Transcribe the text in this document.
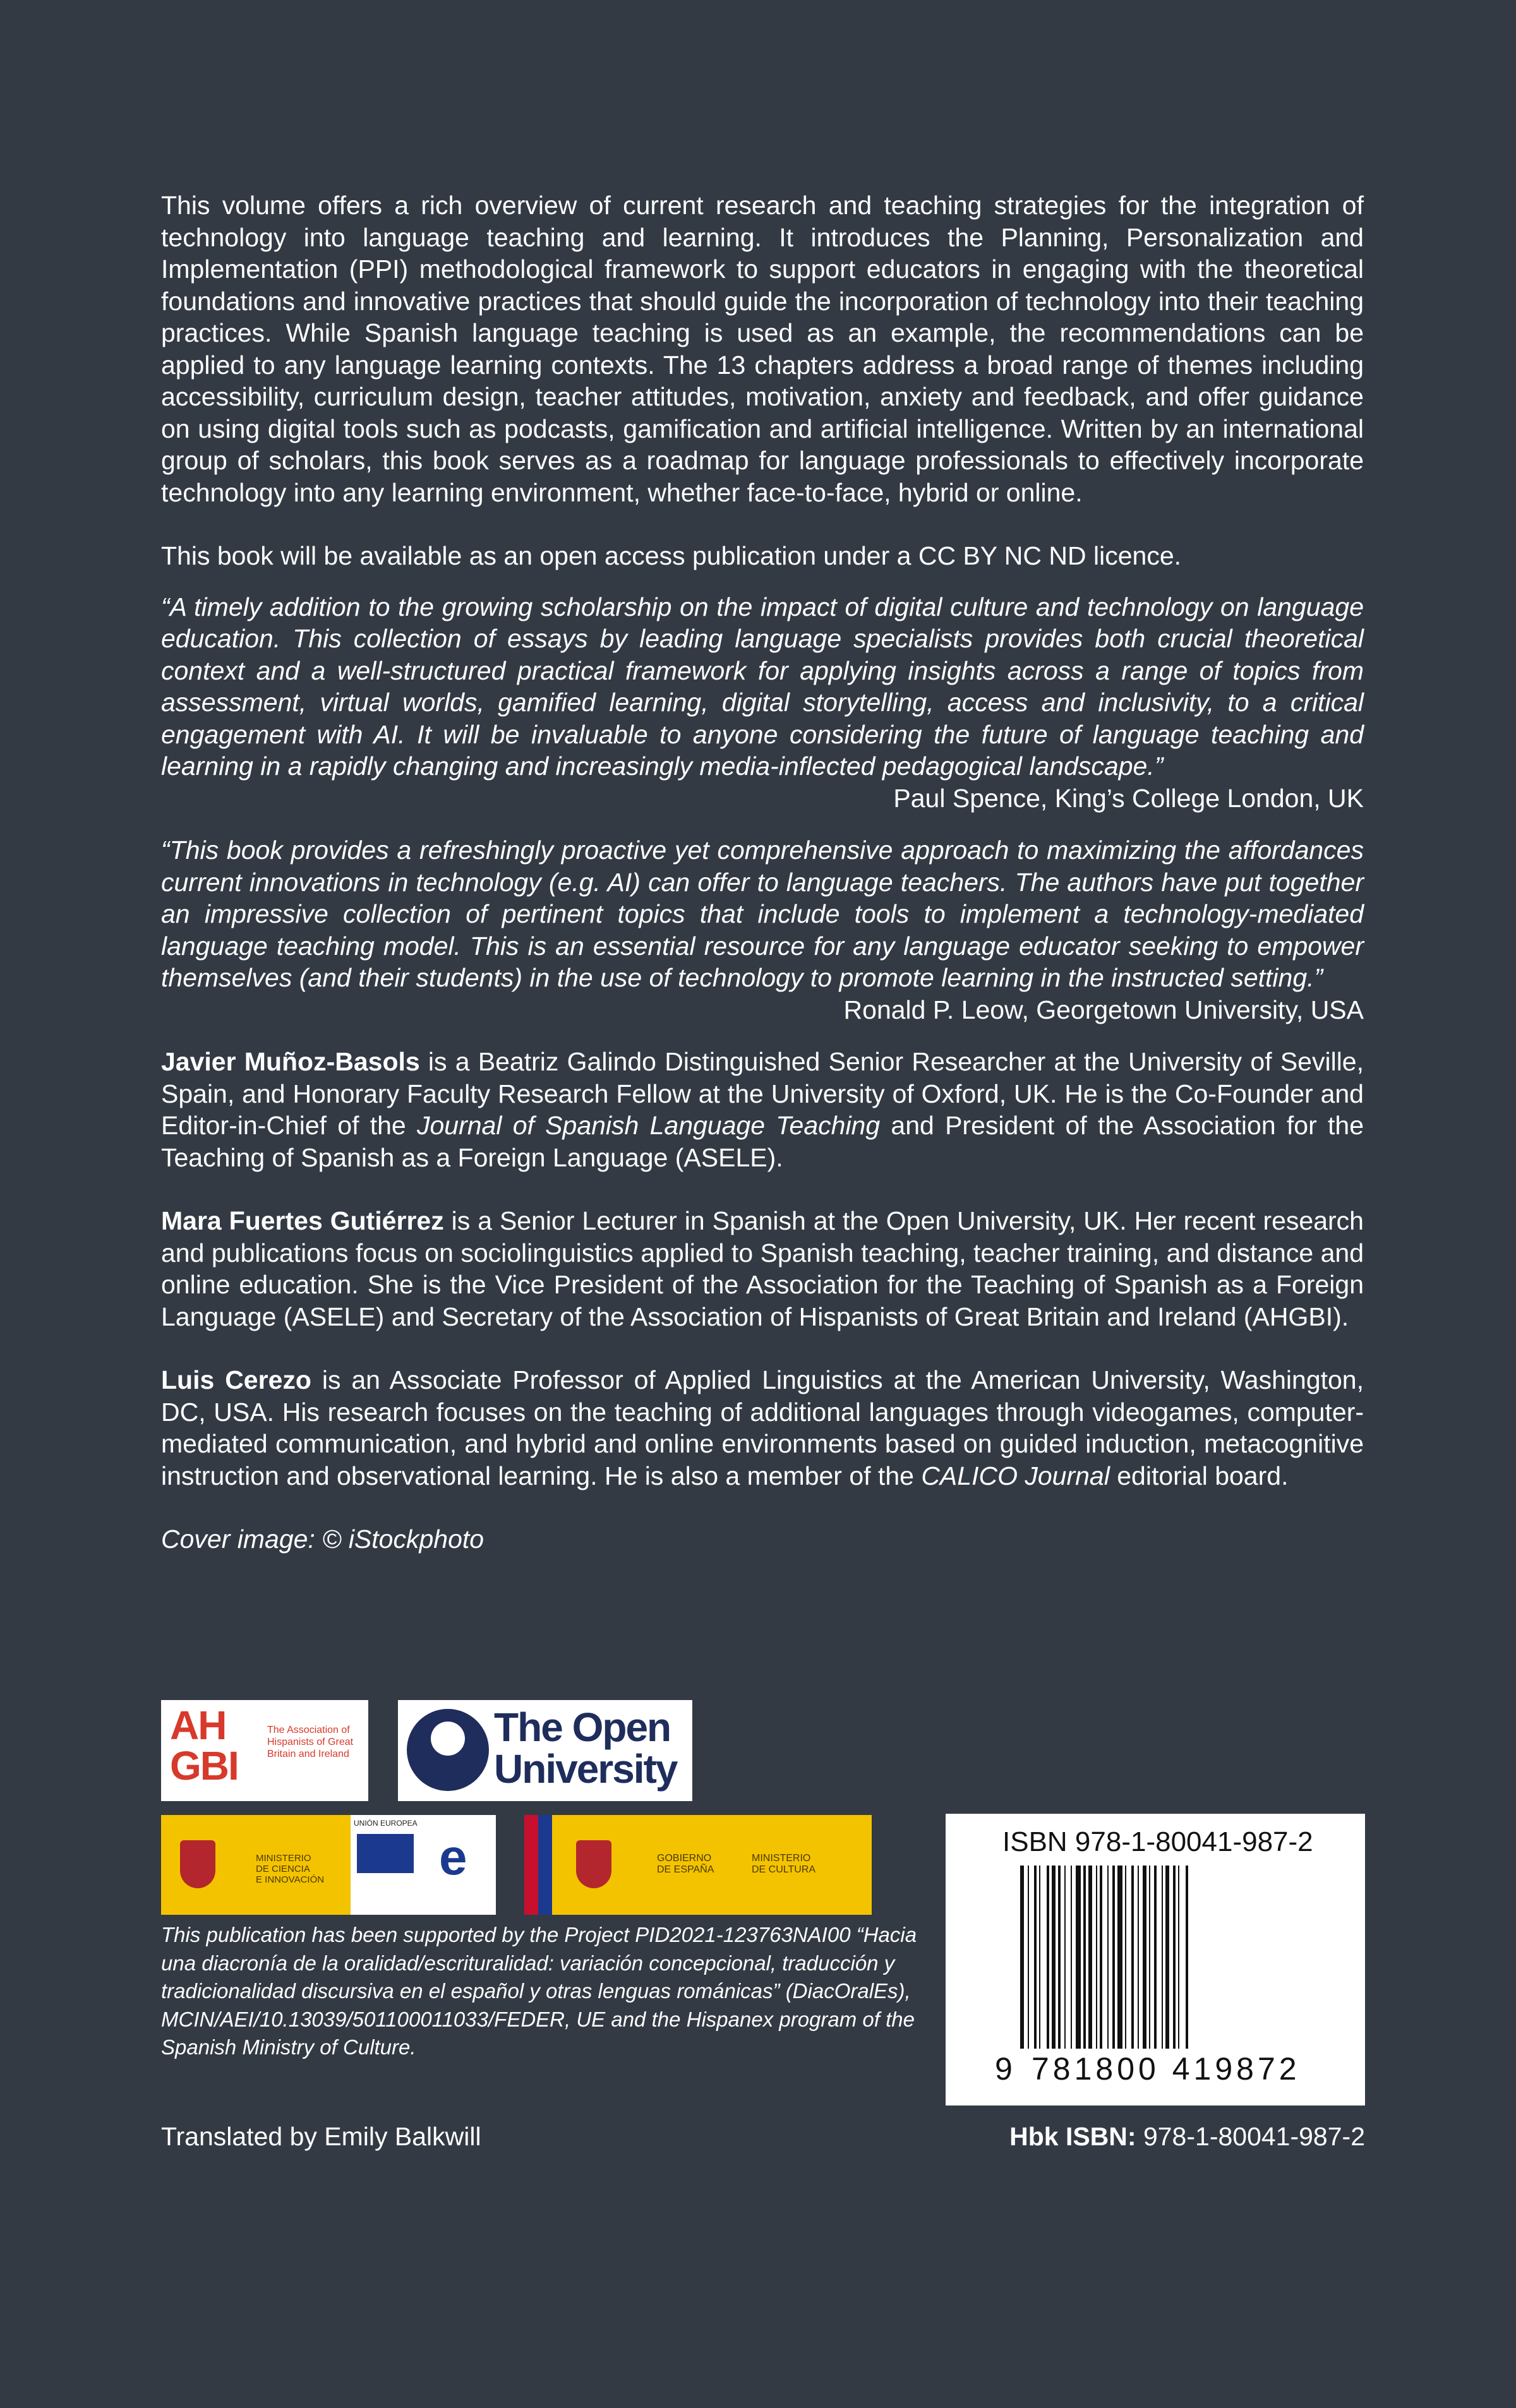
This volume offers a rich overview of current research and teaching strategies for the integration of technology into language teaching and learning. It introduces the Planning, Personalization and Implementation (PPI) methodological framework to support educators in engaging with the theoretical foundations and innovative practices that should guide the incorporation of technology into their teaching practices. While Spanish language teaching is used as an example, the recommendations can be applied to any language learning contexts. The 13 chapters address a broad range of themes including accessibility, curriculum design, teacher attitudes, motivation, anxiety and feedback, and offer guidance on using digital tools such as podcasts, gamification and artificial intelligence. Written by an international group of scholars, this book serves as a roadmap for language professionals to effectively incorporate technology into any learning environment, whether face-to-face, hybrid or online.

This book will be available as an open access publication under a CC BY NC ND licence.

“A timely addition to the growing scholarship on the impact of digital culture and technology on language education. This collection of essays by leading language specialists provides both crucial theoretical context and a well-structured practical framework for applying insights across a range of topics from assessment, virtual worlds, gamified learning, digital storytelling, access and inclusivity, to a critical engagement with AI. It will be invaluable to anyone considering the future of language teaching and learning in a rapidly changing and increasingly media-inflected pedagogical landscape.”

Paul Spence, King’s College London, UK

“This book provides a refreshingly proactive yet comprehensive approach to maximizing the affordances current innovations in technology (e.g. AI) can offer to language teachers. The authors have put together an impressive collection of pertinent topics that include tools to implement a technology-mediated language teaching model. This is an essential resource for any language educator seeking to empower themselves (and their students) in the use of technology to promote learning in the instructed setting.”

Ronald P. Leow, Georgetown University, USA

Javier Muñoz-Basols is a Beatriz Galindo Distinguished Senior Researcher at the University of Seville, Spain, and Honorary Faculty Research Fellow at the University of Oxford, UK. He is the Co-Founder and Editor-in-Chief of the Journal of Spanish Language Teaching and President of the Association for the Teaching of Spanish as a Foreign Language (ASELE).

Mara Fuertes Gutiérrez is a Senior Lecturer in Spanish at the Open University, UK. Her recent research and publications focus on sociolinguistics applied to Spanish teaching, teacher training, and distance and online education. She is the Vice President of the Association for the Teaching of Spanish as a Foreign Language (ASELE) and Secretary of the Association of Hispanists of Great Britain and Ireland (AHGBI).

Luis Cerezo is an Associate Professor of Applied Linguistics at the American University, Washington, DC, USA. His research focuses on the teaching of additional languages through videogames, computer-mediated communication, and hybrid and online environments based on guided induction, metacognitive instruction and observational learning. He is also a member of the CALICO Journal editorial board.

Cover image: © iStockphoto

AH
GBI
The Association of Hispanists of Great Britain and Ireland
The Open
University
MINISTERIO
DE CIENCIA
E INNOVACIÓN
UNIÓN EUROPEA
e	GOBIERNO
DE ESPAÑA
MINISTERIO
DE CULTURA

This publication has been supported by the Project PID2021-123763NAI00 “Hacia una diacronía de la oralidad/escrituralidad: variación concepcional, traducción y tradicionalidad discursiva en el español y otras lenguas románicas” (DiacOralEs), MCIN/AEI/10.13039/501100011033/FEDER, UE and the Hispanex program of the Spanish Ministry of Culture.

ISBN 978-1-80041-987-2
9 781800 419872
Translated by Emily Balkwill	Hbk ISBN: 978-1-80041-987-2
